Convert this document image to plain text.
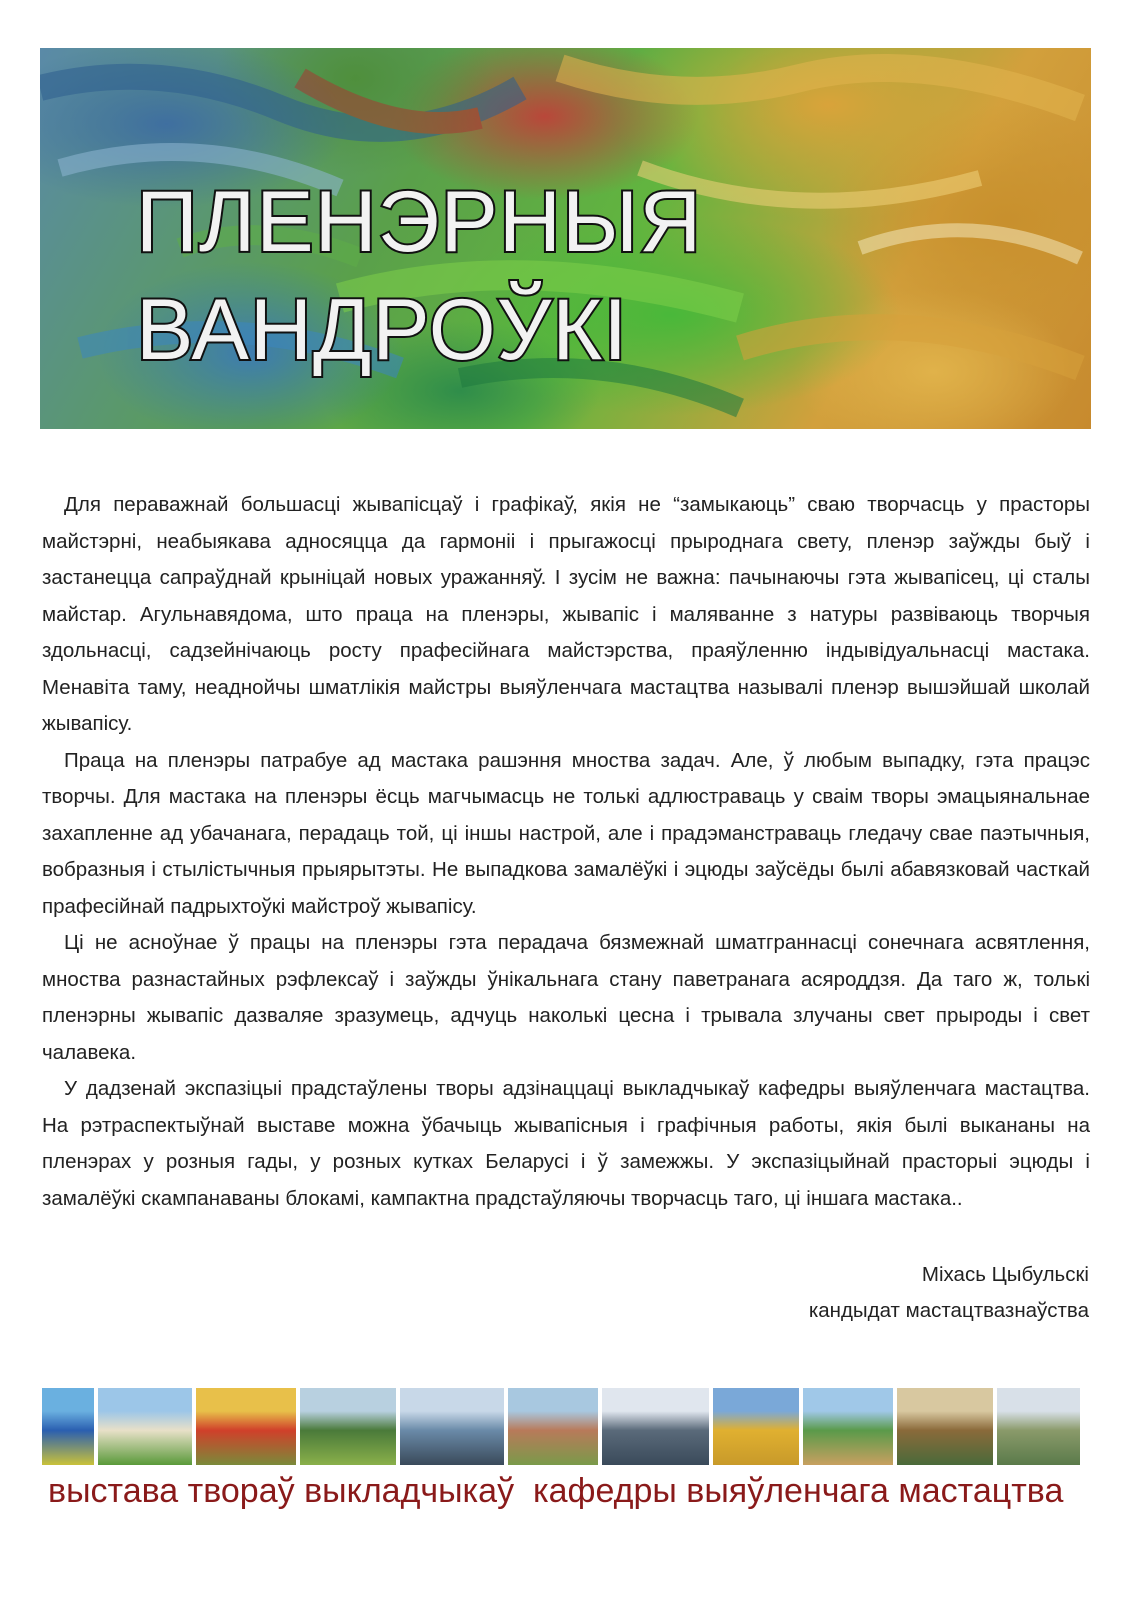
ПЛЕНЭРНЫЯ
ВАНДРОЎКІ

Для пераважнай большасці жывапісцаў і графікаў, якія не “замыкаюць” сваю творчасць у прасторы майстэрні, неабыякава адносяцца да гармоніі і прыгажосці прыроднага свету, пленэр заўжды быў і застанецца сапраўднай крыніцай новых уражанняў. І зусім не важна: пачынаючы гэта жывапісец, ці сталы майстар. Агульнавядома, што праца на пленэры, жывапіс і маляванне з натуры развіваюць творчыя здольнасці, садзейнічаюць росту прафесійнага майстэрства, праяўленню індывідуальнасці мастака. Менавіта таму, неаднойчы шматлікія майстры выяўленчага мастацтва называлі пленэр вышэйшай школай жывапісу.

Праца на пленэры патрабуе ад мастака рашэння мноства задач. Але, ў любым выпадку, гэта працэс творчы. Для мастака на пленэры ёсць магчымасць не толькі адлюстраваць у сваім творы эмацыянальнае захапленне ад убачанага, перадаць той, ці іншы настрой, але і прадэманстраваць гледачу свае паэтычныя, вобразныя і стылістычныя прыярытэты. Не выпадкова замалёўкі і эцюды заўсёды былі абавязковай часткай прафесійнай падрыхтоўкі майстроў жывапісу.

Ці не асноўнае ў працы на пленэры гэта перадача бязмежнай шматграннасці сонечнага асвятлення, мноства разнастайных рэфлексаў і заўжды ўнікальнага стану паветранага асяроддзя. Да таго ж, толькі пленэрны жывапіс дазваляе зразумець, адчуць наколькі цесна і трывала злучаны свет прыроды і свет чалавека.

У дадзенай экспазіцыі прадстаўлены творы адзінаццаці выкладчыкаў кафедры выяўленчага мастацтва. На рэтраспектыўнай выставе можна ўбачыць жывапісныя і графічныя работы, якія былі выкананы на пленэрах у розныя гады, у розных кутках Беларусі і ў замежжы. У экспазіцыйнай прасторыі эцюды і замалёўкі скампанаваны блокамі, кампактна прадстаўляючы творчасць таго, ці іншага мастака..

Міхась Цыбульскі
кандыдат мастацтвазнаўства

выстава твораў выкладчыкаў  кафедры выяўленчага мастацтва
